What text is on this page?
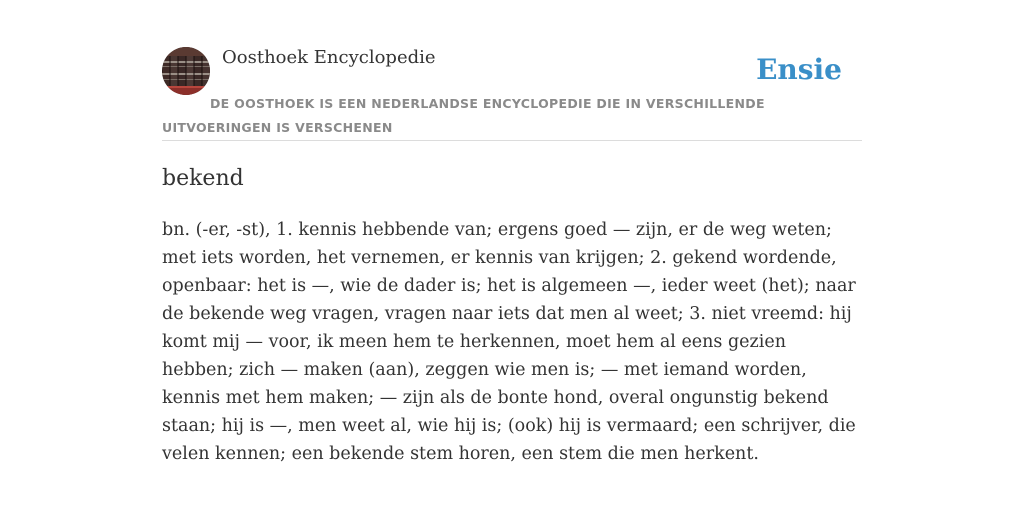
Oosthoek Encyclopedie	Ensie
DE OOSTHOEK IS EEN NEDERLANDSE ENCYCLOPEDIE DIE IN VERSCHILLENDE UITVOERINGEN IS VERSCHENEN
bekend

bn. (-er, -st), 1. kennis hebbende van; ergens goed — zijn, er de weg weten; met iets worden, het vernemen, er kennis van krijgen; 2. gekend wordende, openbaar: het is —, wie de dader is; het is algemeen —, ieder weet (het); naar de bekende weg vragen, vragen naar iets dat men al weet; 3. niet vreemd: hij komt mij — voor, ik meen hem te herkennen, moet hem al eens gezien hebben; zich — maken (aan), zeggen wie men is; — met iemand worden, kennis met hem maken; — zijn als de bonte hond, overal ongunstig bekend staan; hij is —, men weet al, wie hij is; (ook) hij is vermaard; een schrijver, die velen kennen; een bekende stem horen, een stem die men herkent.
